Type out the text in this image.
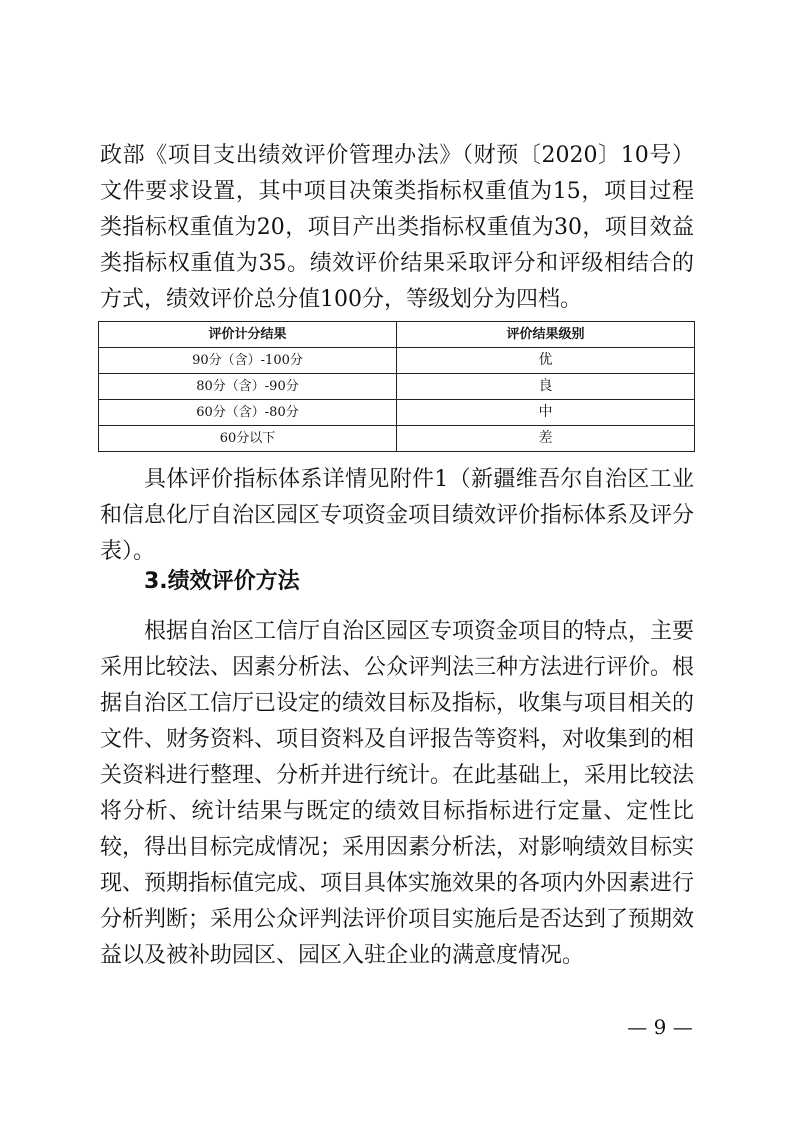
政部《项目支出绩效评价管理办法》（财预〔2020〕10号）文件要求设置，其中项目决策类指标权重值为15，项目过程类指标权重值为20，项目产出类指标权重值为30，项目效益类指标权重值为35。绩效评价结果采取评分和评级相结合的方式，绩效评价总分值100分，等级划分为四档。

评价计分结果	评价结果级别
90分（含）-100分	优
80分（含）-90分	良
60分（含）-80分	中
60分以下	差

具体评价指标体系详情见附件1（新疆维吾尔自治区工业和信息化厅自治区园区专项资金项目绩效评价指标体系及评分表）。

3.绩效评价方法

根据自治区工信厅自治区园区专项资金项目的特点，主要采用比较法、因素分析法、公众评判法三种方法进行评价。根据自治区工信厅已设定的绩效目标及指标，收集与项目相关的文件、财务资料、项目资料及自评报告等资料，对收集到的相关资料进行整理、分析并进行统计。在此基础上，采用比较法将分析、统计结果与既定的绩效目标指标进行定量、定性比较，得出目标完成情况；采用因素分析法，对影响绩效目标实现、预期指标值完成、项目具体实施效果的各项内外因素进行分析判断；采用公众评判法评价项目实施后是否达到了预期效益以及被补助园区、园区入驻企业的满意度情况。

— 9 —
